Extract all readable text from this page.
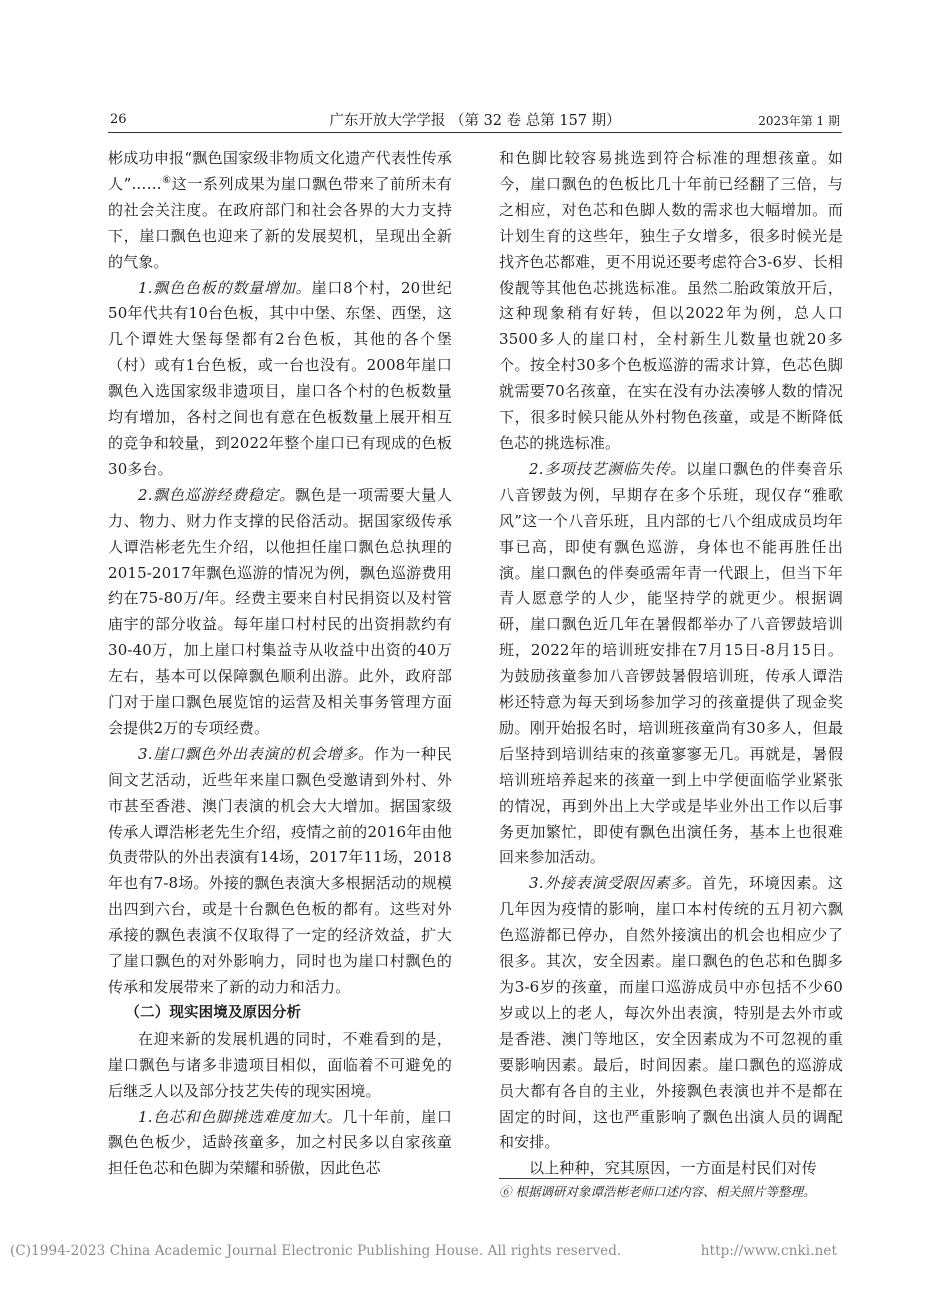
26	广东开放大学学报 （第 32 卷 总第 157 期）	2023年第 1 期

彬成功申报“飘色国家级非物质文化遗产代表性传承人”……⑥这一系列成果为崖口飘色带来了前所未有的社会关注度。在政府部门和社会各界的大力支持下，崖口飘色也迎来了新的发展契机，呈现出全新的气象。

1.飘色色板的数量增加。崖口8个村，20世纪50年代共有10台色板，其中中堡、东堡、西堡，这几个谭姓大堡每堡都有2台色板，其他的各个堡（村）或有1台色板，或一台也没有。2008年崖口飘色入选国家级非遗项目，崖口各个村的色板数量均有增加，各村之间也有意在色板数量上展开相互的竞争和较量，到2022年整个崖口已有现成的色板30多台。

2.飘色巡游经费稳定。飘色是一项需要大量人力、物力、财力作支撑的民俗活动。据国家级传承人谭浩彬老先生介绍，以他担任崖口飘色总执理的2015-2017年飘色巡游的情况为例，飘色巡游费用约在75-80万/年。经费主要来自村民捐资以及村管庙宇的部分收益。每年崖口村村民的出资捐款约有30-40万，加上崖口村集益寺从收益中出资的40万左右，基本可以保障飘色顺利出游。此外，政府部门对于崖口飘色展览馆的运营及相关事务管理方面会提供2万的专项经费。

3.崖口飘色外出表演的机会增多。作为一种民间文艺活动，近些年来崖口飘色受邀请到外村、外市甚至香港、澳门表演的机会大大增加。据国家级传承人谭浩彬老先生介绍，疫情之前的2016年由他负责带队的外出表演有14场，2017年11场，2018年也有7-8场。外接的飘色表演大多根据活动的规模出四到六台，或是十台飘色色板的都有。这些对外承接的飘色表演不仅取得了一定的经济效益，扩大了崖口飘色的对外影响力，同时也为崖口村飘色的传承和发展带来了新的动力和活力。

（二）现实困境及原因分析

在迎来新的发展机遇的同时，不难看到的是，崖口飘色与诸多非遗项目相似，面临着不可避免的后继乏人以及部分技艺失传的现实困境。

1.色芯和色脚挑选难度加大。几十年前，崖口飘色色板少，适龄孩童多，加之村民多以自家孩童担任色芯和色脚为荣耀和骄傲，因此色芯

和色脚比较容易挑选到符合标准的理想孩童。如今，崖口飘色的色板比几十年前已经翻了三倍，与之相应，对色芯和色脚人数的需求也大幅增加。而计划生育的这些年，独生子女增多，很多时候光是找齐色芯都难，更不用说还要考虑符合3-6岁、长相俊靓等其他色芯挑选标准。虽然二胎政策放开后，这种现象稍有好转，但以2022年为例，总人口3500多人的崖口村，全村新生儿数量也就20多个。按全村30多个色板巡游的需求计算，色芯色脚就需要70名孩童，在实在没有办法凑够人数的情况下，很多时候只能从外村物色孩童，或是不断降低色芯的挑选标准。

2.多项技艺濒临失传。以崖口飘色的伴奏音乐八音锣鼓为例，早期存在多个乐班，现仅存“雅歌风”这一个八音乐班，且内部的七八个组成成员均年事已高，即使有飘色巡游，身体也不能再胜任出演。崖口飘色的伴奏亟需年青一代跟上，但当下年青人愿意学的人少，能坚持学的就更少。根据调研，崖口飘色近几年在暑假都举办了八音锣鼓培训班，2022年的培训班安排在7月15日-8月15日。为鼓励孩童参加八音锣鼓暑假培训班，传承人谭浩彬还特意为每天到场参加学习的孩童提供了现金奖励。刚开始报名时，培训班孩童尚有30多人，但最后坚持到培训结束的孩童寥寥无几。再就是，暑假培训班培养起来的孩童一到上中学便面临学业紧张的情况，再到外出上大学或是毕业外出工作以后事务更加繁忙，即使有飘色出演任务，基本上也很难回来参加活动。

3.外接表演受限因素多。首先，环境因素。这几年因为疫情的影响，崖口本村传统的五月初六飘色巡游都已停办，自然外接演出的机会也相应少了很多。其次，安全因素。崖口飘色的色芯和色脚多为3-6岁的孩童，而崖口巡游成员中亦包括不少60岁或以上的老人，每次外出表演，特别是去外市或是香港、澳门等地区，安全因素成为不可忽视的重要影响因素。最后，时间因素。崖口飘色的巡游成员大都有各自的主业，外接飘色表演也并不是都在固定的时间，这也严重影响了飘色出演人员的调配和安排。

以上种种，究其原因，一方面是村民们对传

⑥ 根据调研对象谭浩彬老师口述内容、相关照片等整理。
(C)1994-2023 China Academic Journal Electronic Publishing House. All rights reserved.	http://www.cnki.net
